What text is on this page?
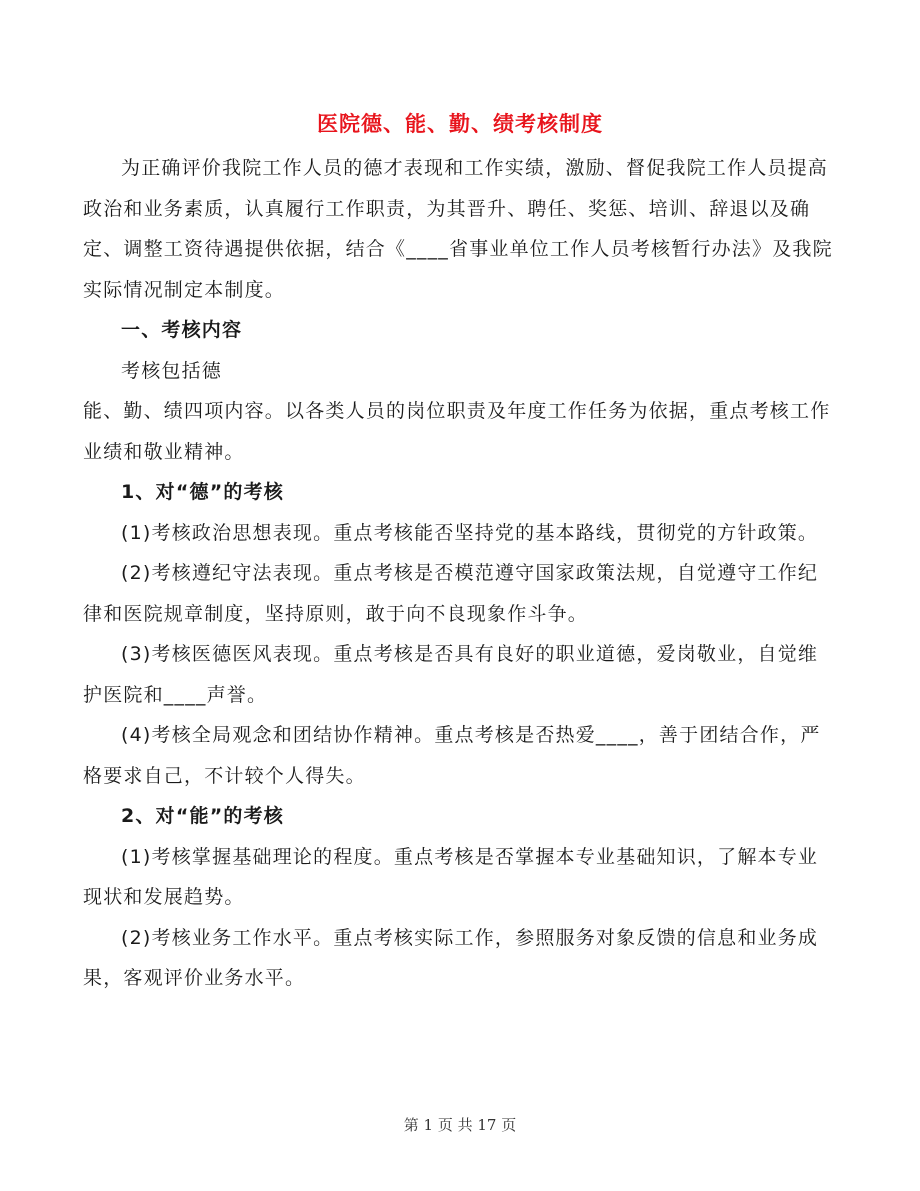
医院德、能、勤、绩考核制度

为正确评价我院工作人员的德才表现和工作实绩，激励、督促我院工作人员提高政治和业务素质，认真履行工作职责，为其晋升、聘任、奖惩、培训、辞退以及确定、调整工资待遇提供依据，结合《____省事业单位工作人员考核暂行办法》及我院实际情况制定本制度。

一、考核内容

考核包括德

能、勤、绩四项内容。以各类人员的岗位职责及年度工作任务为依据，重点考核工作业绩和敬业精神。

1、对“德”的考核

(1)考核政治思想表现。重点考核能否坚持党的基本路线，贯彻党的方针政策。

(2)考核遵纪守法表现。重点考核是否模范遵守国家政策法规，自觉遵守工作纪律和医院规章制度，坚持原则，敢于向不良现象作斗争。

(3)考核医德医风表现。重点考核是否具有良好的职业道德，爱岗敬业，自觉维护医院和____声誉。

(4)考核全局观念和团结协作精神。重点考核是否热爱____，善于团结合作，严格要求自己，不计较个人得失。

2、对“能”的考核

(1)考核掌握基础理论的程度。重点考核是否掌握本专业基础知识，了解本专业现状和发展趋势。

(2)考核业务工作水平。重点考核实际工作，参照服务对象反馈的信息和业务成果，客观评价业务水平。

第 1 页 共 17 页
